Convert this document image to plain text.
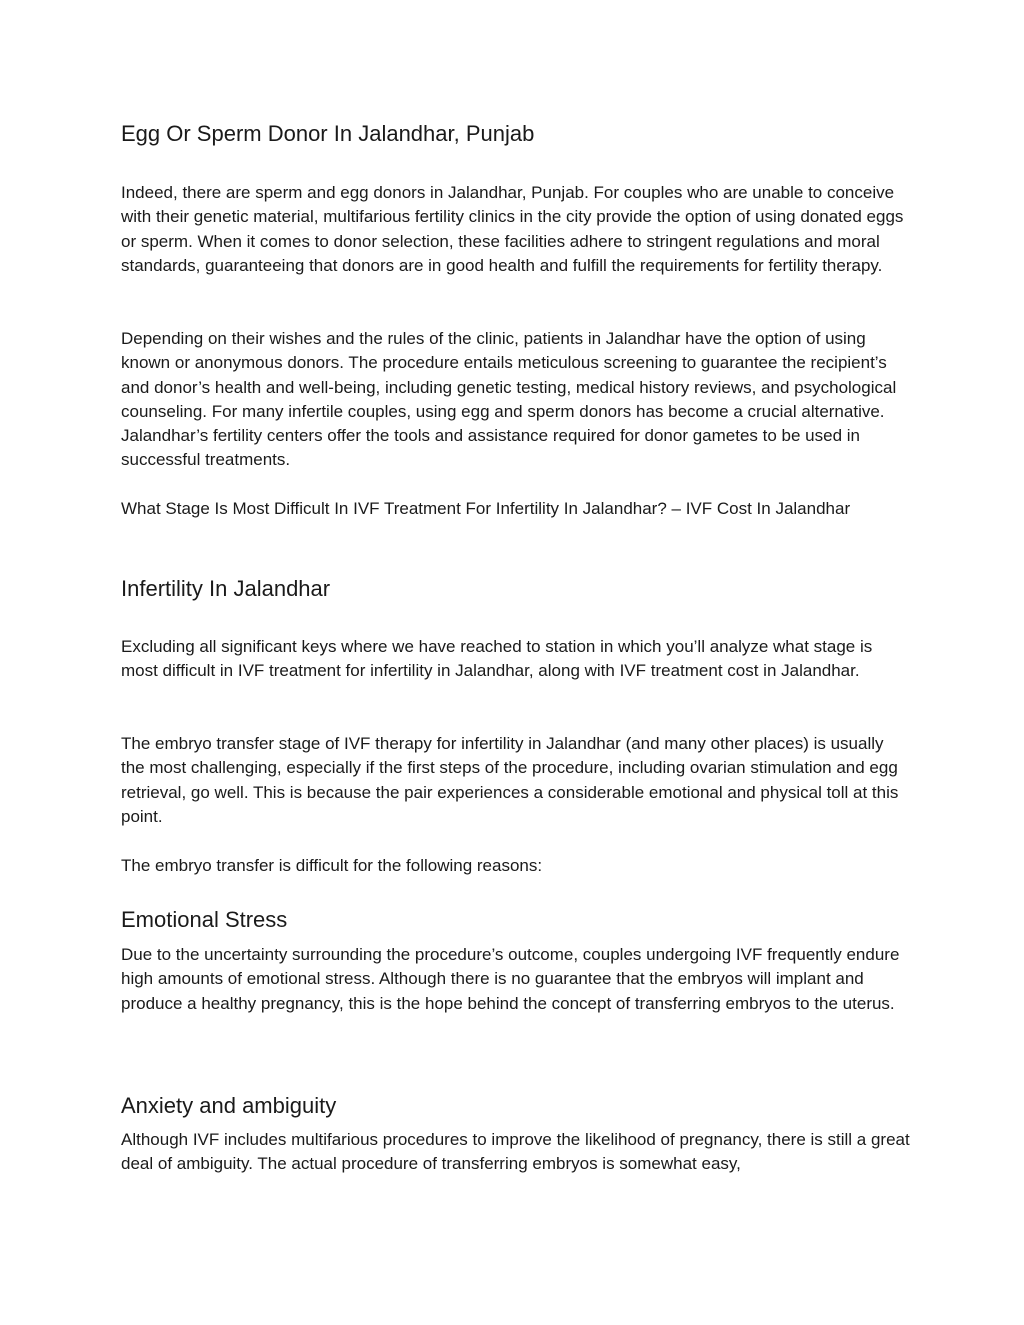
Egg Or Sperm Donor In Jalandhar, Punjab

Indeed, there are sperm and egg donors in Jalandhar, Punjab. For couples who are unable to conceive with their genetic material, multifarious fertility clinics in the city provide the option of using donated eggs or sperm. When it comes to donor selection, these facilities adhere to stringent regulations and moral standards, guaranteeing that donors are in good health and fulfill the requirements for fertility therapy.

Depending on their wishes and the rules of the clinic, patients in Jalandhar have the option of using known or anonymous donors. The procedure entails meticulous screening to guarantee the recipient’s and donor’s health and well-being, including genetic testing, medical history reviews, and psychological counseling. For many infertile couples, using egg and sperm donors has become a crucial alternative. Jalandhar’s fertility centers offer the tools and assistance required for donor gametes to be used in successful treatments.

What Stage Is Most Difficult In IVF Treatment For Infertility In Jalandhar? – IVF Cost In Jalandhar

Infertility In Jalandhar

Excluding all significant keys where we have reached to station in which you’ll analyze what stage is most difficult in IVF treatment for infertility in Jalandhar, along with IVF treatment cost in Jalandhar.

The embryo transfer stage of IVF therapy for infertility in Jalandhar (and many other places) is usually the most challenging, especially if the first steps of the procedure, including ovarian stimulation and egg retrieval, go well. This is because the pair experiences a considerable emotional and physical toll at this point.

The embryo transfer is difficult for the following reasons:

Emotional Stress

Due to the uncertainty surrounding the procedure’s outcome, couples undergoing IVF frequently endure high amounts of emotional stress. Although there is no guarantee that the embryos will implant and produce a healthy pregnancy, this is the hope behind the concept of transferring embryos to the uterus.

Anxiety and ambiguity

Although IVF includes multifarious procedures to improve the likelihood of pregnancy, there is still a great deal of ambiguity. The actual procedure of transferring embryos is somewhat easy,
